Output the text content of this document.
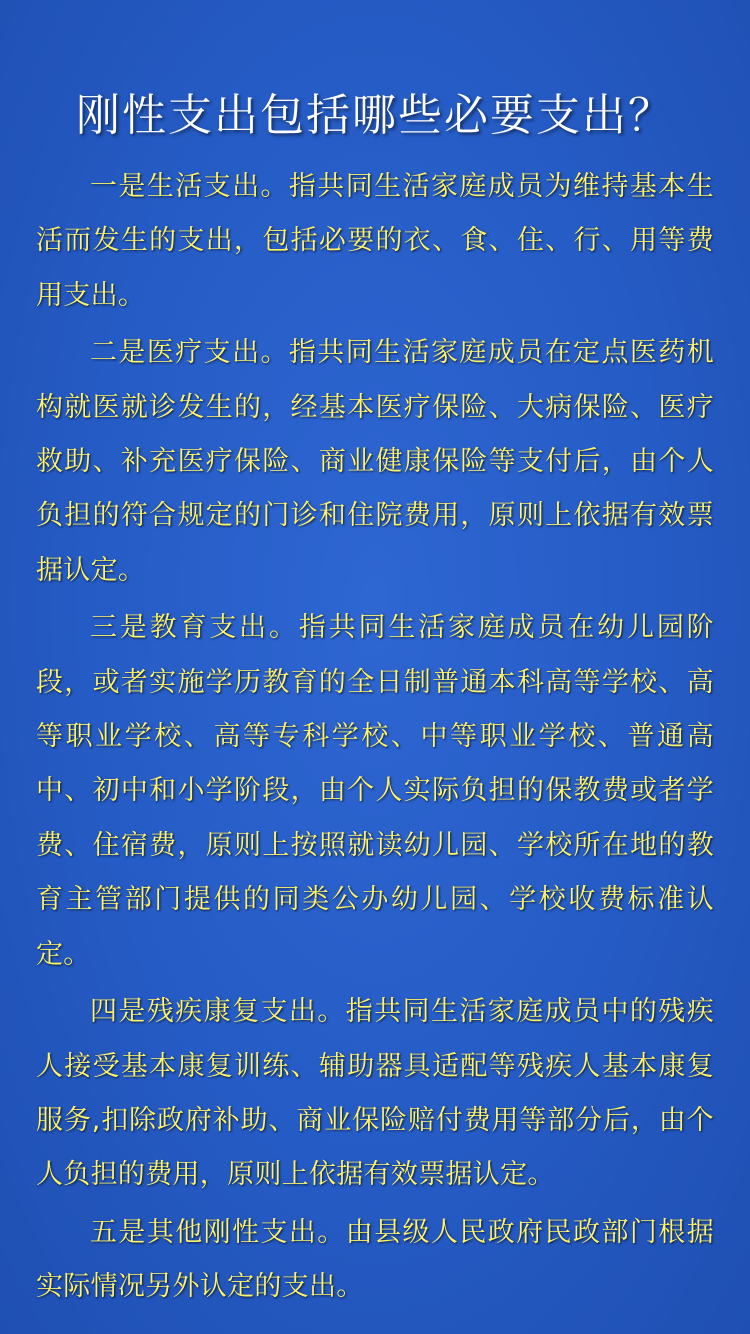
刚性支出包括哪些必要支出？

一是生活支出。指共同生活家庭成员为维持基本生活而发生的支出，包括必要的衣、食、住、行、用等费用支出。

二是医疗支出。指共同生活家庭成员在定点医药机构就医就诊发生的，经基本医疗保险、大病保险、医疗救助、补充医疗保险、商业健康保险等支付后，由个人负担的符合规定的门诊和住院费用，原则上依据有效票据认定。

三是教育支出。指共同生活家庭成员在幼儿园阶段，或者实施学历教育的全日制普通本科高等学校、高等职业学校、高等专科学校、中等职业学校、普通高中、初中和小学阶段，由个人实际负担的保教费或者学费、住宿费，原则上按照就读幼儿园、学校所在地的教育主管部门提供的同类公办幼儿园、学校收费标准认定。

四是残疾康复支出。指共同生活家庭成员中的残疾人接受基本康复训练、辅助器具适配等残疾人基本康复服务,扣除政府补助、商业保险赔付费用等部分后，由个人负担的费用，原则上依据有效票据认定。

五是其他刚性支出。由县级人民政府民政部门根据实际情况另外认定的支出。
